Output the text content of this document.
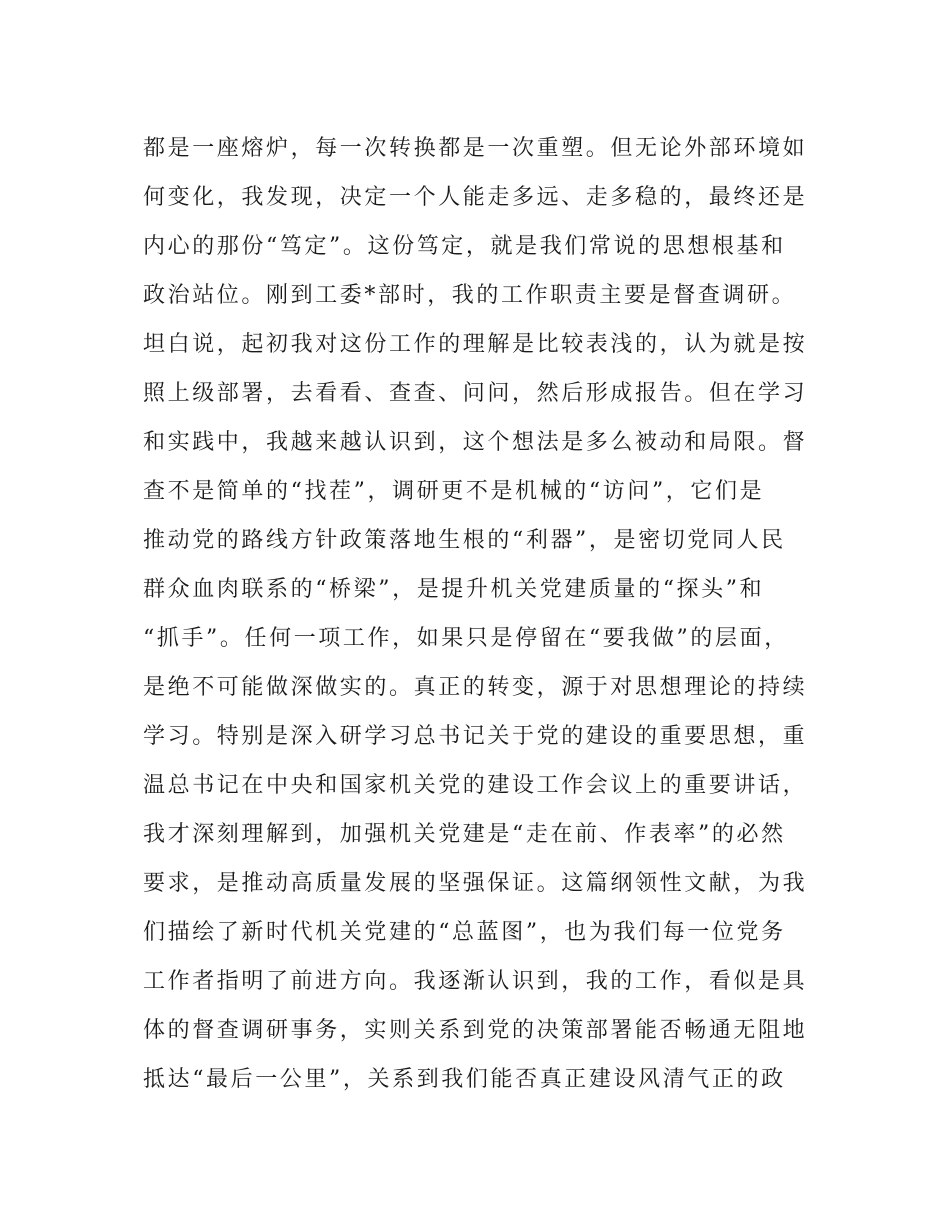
都是一座熔炉，每一次转换都是一次重塑。但无论外部环境如
何变化，我发现，决定一个人能走多远、走多稳的，最终还是
内心的那份“笃定”。这份笃定，就是我们常说的思想根基和
政治站位。刚到工委*部时，我的工作职责主要是督查调研。
坦白说，起初我对这份工作的理解是比较表浅的，认为就是按
照上级部署，去看看、查查、问问，然后形成报告。但在学习
和实践中，我越来越认识到，这个想法是多么被动和局限。督
查不是简单的“找茬”，调研更不是机械的“访问”，它们是
推动党的路线方针政策落地生根的“利器”，是密切党同人民
群众血肉联系的“桥梁”，是提升机关党建质量的“探头”和
“抓手”。任何一项工作，如果只是停留在“要我做”的层面，
是绝不可能做深做实的。真正的转变，源于对思想理论的持续
学习。特别是深入研学习总书记关于党的建设的重要思想，重
温总书记在中央和国家机关党的建设工作会议上的重要讲话，
我才深刻理解到，加强机关党建是“走在前、作表率”的必然
要求，是推动高质量发展的坚强保证。这篇纲领性文献，为我
们描绘了新时代机关党建的“总蓝图”，也为我们每一位党务
工作者指明了前进方向。我逐渐认识到，我的工作，看似是具
体的督查调研事务，实则关系到党的决策部署能否畅通无阻地
抵达“最后一公里”，关系到我们能否真正建设风清气正的政
